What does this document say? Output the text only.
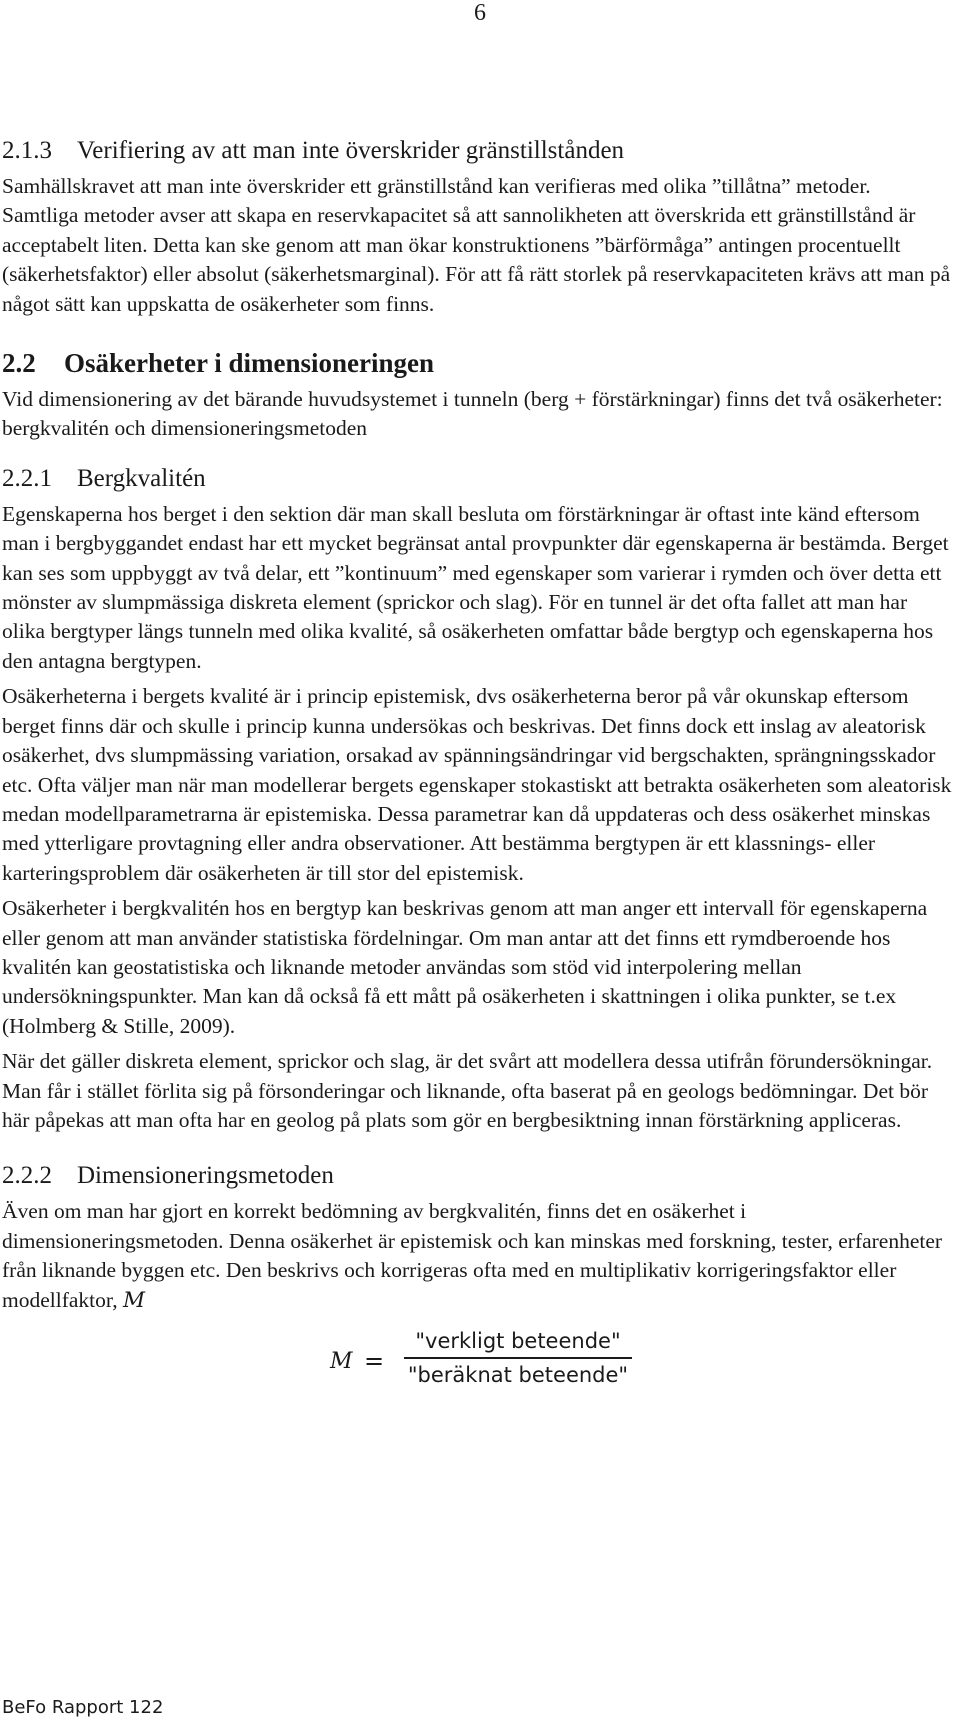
6
2.1.3 Verifiering av att man inte överskrider gränstillstånden

Samhällskravet att man inte överskrider ett gränstillstånd kan verifieras med olika ”tillåtna” metoder. Samtliga metoder avser att skapa en reservkapacitet så att sannolikheten att överskrida ett gränstillstånd är acceptabelt liten. Detta kan ske genom att man ökar konstruktionens ”bärförmåga” antingen procentuellt (säkerhetsfaktor) eller absolut (säkerhetsmarginal). För att få rätt storlek på reservkapaciteten krävs att man på något sätt kan uppskatta de osäkerheter som finns.

2.2 Osäkerheter i dimensioneringen

Vid dimensionering av det bärande huvudsystemet i tunneln (berg + förstärkningar) finns det två osäkerheter: bergkvalitén och dimensioneringsmetoden

2.2.1 Bergkvalitén

Egenskaperna hos berget i den sektion där man skall besluta om förstärkningar är oftast inte känd eftersom man i bergbyggandet endast har ett mycket begränsat antal provpunkter där egenskaperna är bestämda. Berget kan ses som uppbyggt av två delar, ett ”kontinuum” med egenskaper som varierar i rymden och över detta ett mönster av slumpmässiga diskreta element (sprickor och slag). För en tunnel är det ofta fallet att man har olika bergtyper längs tunneln med olika kvalité, så osäkerheten omfattar både bergtyp och egenskaperna hos den antagna bergtypen.

Osäkerheterna i bergets kvalité är i princip epistemisk, dvs osäkerheterna beror på vår okunskap eftersom berget finns där och skulle i princip kunna undersökas och beskrivas. Det finns dock ett inslag av aleatorisk osäkerhet, dvs slumpmässing variation, orsakad av spänningsändringar vid bergschakten, sprängningsskador etc. Ofta väljer man när man modellerar bergets egenskaper stokastiskt att betrakta osäkerheten som aleatorisk medan modellparametrarna är epistemiska. Dessa parametrar kan då uppdateras och dess osäkerhet minskas med ytterligare provtagning eller andra observationer. Att bestämma bergtypen är ett klassnings- eller karteringsproblem där osäkerheten är till stor del epistemisk.

Osäkerheter i bergkvalitén hos en bergtyp kan beskrivas genom att man anger ett intervall för egenskaperna eller genom att man använder statistiska fördelningar. Om man antar att det finns ett rymdberoende hos kvalitén kan geostatistiska och liknande metoder användas som stöd vid interpolering mellan undersökningspunkter. Man kan då också få ett mått på osäkerheten i skattningen i olika punkter, se t.ex (Holmberg & Stille, 2009).

När det gäller diskreta element, sprickor och slag, är det svårt att modellera dessa utifrån förundersökningar. Man får i stället förlita sig på försonderingar och liknande, ofta baserat på en geologs bedömningar. Det bör här påpekas att man ofta har en geolog på plats som gör en bergbesiktning innan förstärkning appliceras.

2.2.2 Dimensioneringsmetoden

Även om man har gjort en korrekt bedömning av bergkvalitén, finns det en osäkerhet i dimensioneringsmetoden. Denna osäkerhet är epistemisk och kan minskas med forskning, tester, erfarenheter från liknande byggen etc. Den beskrivs och korrigeras ofta med en multiplikativ korrigeringsfaktor eller modellfaktor, M

M =
"verkligt beteende"
"beräknat beteende"
BeFo Rapport 122
